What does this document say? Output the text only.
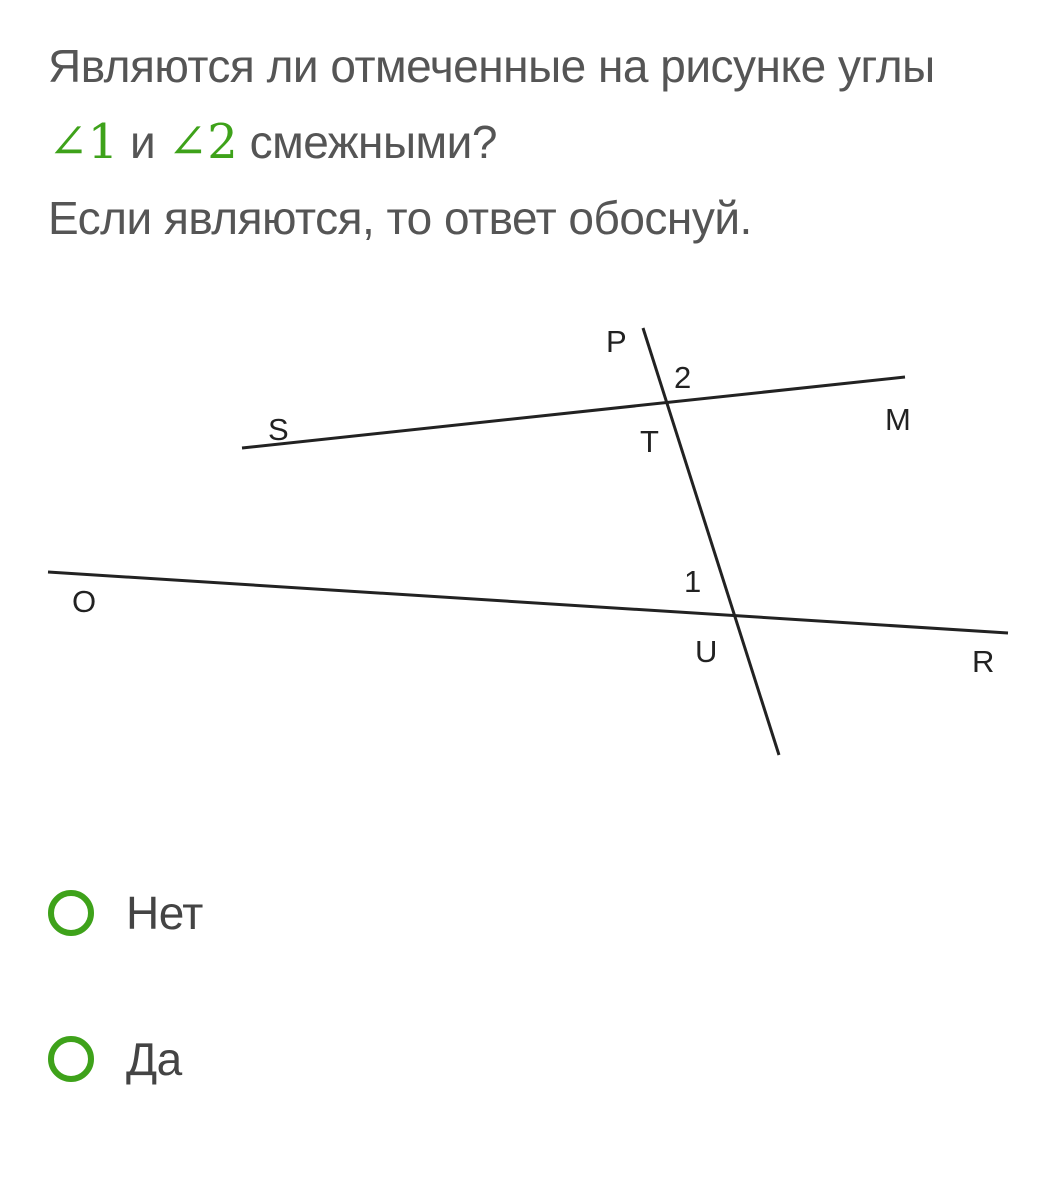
Являются ли отмеченные на рисунке углы
∠1 и ∠2 смежными?
Если являются, то ответ обоснуй.
P
2
S	T
M
O
1
U	R
Нет
Да
